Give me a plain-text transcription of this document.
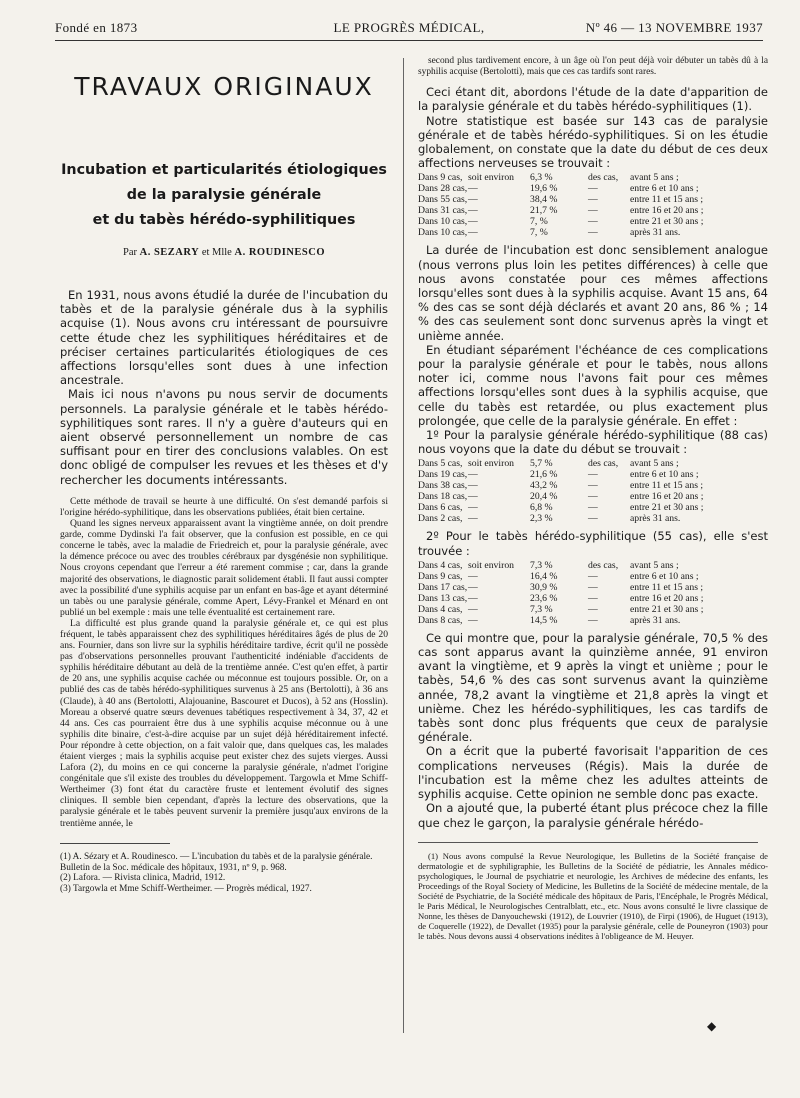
Fondé en 1873	LE PROGRÈS MÉDICAL,	Nº 46 — 13 NOVEMBRE 1937
TRAVAUX ORIGINAUX
Incubation et particularités étiologiques
de la paralysie générale
et du tabès hérédo-syphilitiques
Par A. SEZARY et Mlle A. ROUDINESCO

En 1931, nous avons étudié la durée de l'incubation du tabès et de la paralysie générale dus à la syphilis acquise (1). Nous avons cru intéressant de poursuivre cette étude chez les syphilitiques héréditaires et de préciser certaines particularités étiologiques de ces affections lorsqu'elles sont dues à une infection ancestrale.

Mais ici nous n'avons pu nous servir de documents personnels. La paralysie générale et le tabès hérédo-syphilitiques sont rares. Il n'y a guère d'auteurs qui en aient observé personnellement un nombre de cas suffisant pour en tirer des conclusions valables. On est donc obligé de compulser les revues et les thèses et d'y rechercher les documents intéressants.

Cette méthode de travail se heurte à une difficulté. On s'est demandé parfois si l'origine hérédo-syphilitique, dans les observations publiées, était bien certaine.

Quand les signes nerveux apparaissent avant la vingtième année, on doit prendre garde, comme Dydinski l'a fait observer, que la confusion est possible, en ce qui concerne le tabès, avec la maladie de Friedreich et, pour la paralysie générale, avec la démence précoce ou avec des troubles cérébraux par dysgénésie non syphilitique. Nous croyons cependant que l'erreur a été rarement commise ; car, dans la grande majorité des observations, le diagnostic parait solidement établi. Il faut aussi compter avec la possibilité d'une syphilis acquise par un enfant en bas-âge et ayant déterminé un tabès ou une paralysie générale, comme Apert, Lévy-Frankel et Ménard en ont publié un bel exemple : mais une telle éventualité est certainement rare.

La difficulté est plus grande quand la paralysie générale et, ce qui est plus fréquent, le tabès apparaissent chez des syphilitiques héréditaires âgés de plus de 20 ans. Fournier, dans son livre sur la syphilis héréditaire tardive, écrit qu'il ne possède pas d'observations personnelles prouvant l'authenticité indéniable d'accidents de syphilis héréditaire débutant au delà de la trentième année. C'est qu'en effet, à partir de 20 ans, une syphilis acquise cachée ou méconnue est toujours possible. Or, on a publié des cas de tabès hérédo-syphilitiques survenus à 25 ans (Bertolotti), à 36 ans (Claude), à 40 ans (Bertolotti, Alajouanine, Bascouret et Ducos), à 52 ans (Hosslin). Moreau a observé quatre sœurs devenues tabétiques respectivement à 34, 37, 42 et 44 ans. Ces cas pourraient être dus à une syphilis acquise méconnue ou à une syphilis dite binaire, c'est-à-dire acquise par un sujet déjà héréditairement infecté. Pour répondre à cette objection, on a fait valoir que, dans quelques cas, les malades étaient vierges ; mais la syphilis acquise peut exister chez des sujets vierges. Aussi Lafora (2), du moins en ce qui concerne la paralysie générale, n'admet l'origine congénitale que s'il existe des troubles du développement. Targowla et Mme Schiff-Wertheimer (3) font état du caractère fruste et lentement évolutif des signes cliniques. Il semble bien cependant, d'après la lecture des observations, que la paralysie générale et le tabès peuvent survenir la première jusqu'aux environs de la trentième année, le

(1) A. Sézary et A. Roudinesco. — L'incubation du tabès et de la paralysie générale. Bulletin de la Soc. médicale des hôpitaux, 1931, nº 9, p. 968.

(2) Lafora. — Rivista clinica, Madrid, 1912.

(3) Targowla et Mme Schiff-Wertheimer. — Progrès médical, 1927.

second plus tardivement encore, à un âge où l'on peut déjà voir débuter un tabès dû à la syphilis acquise (Bertolotti), mais que ces cas tardifs sont rares.

Ceci étant dit, abordons l'étude de la date d'apparition de la paralysie générale et du tabès hérédo-syphilitiques (1).

Notre statistique est basée sur 143 cas de paralysie générale et de tabès hérédo-syphilitiques. Si on les étudie globalement, on constate que la date du début de ces deux affections nerveuses se trouvait :

Dans 9 cas, soit environ	6,3 %	des cas,	avant 5 ans ;
Dans 28 cas, —	19,6 %	—	entre 6 et 10 ans ;
Dans 55 cas, —	38,4 %	—	entre 11 et 15 ans ;
Dans 31 cas, —	21,7 %	—	entre 16 et 20 ans ;
Dans 10 cas, —	7, %	—	entre 21 et 30 ans ;
Dans 10 cas, —	7, %	—	après 31 ans.

La durée de l'incubation est donc sensiblement analogue (nous verrons plus loin les petites différences) à celle que nous avons constatée pour ces mêmes affections lorsqu'elles sont dues à la syphilis acquise. Avant 15 ans, 64 % des cas se sont déjà déclarés et avant 20 ans, 86 % ; 14 % des cas seulement sont donc survenus après la vingt et unième année.

En étudiant séparément l'échéance de ces complications pour la paralysie générale et pour le tabès, nous allons noter ici, comme nous l'avons fait pour ces mêmes affections lorsqu'elles sont dues à la syphilis acquise, que celle du tabès est retardée, ou plus exactement plus prolongée, que celle de la paralysie générale. En effet :

1º Pour la paralysie générale hérédo-syphilitique (88 cas) nous voyons que la date du début se trouvait :

Dans 5 cas, soit environ	5,7 %	des cas,	avant 5 ans ;
Dans 19 cas, —	21,6 %	—	entre 6 et 10 ans ;
Dans 38 cas, —	43,2 %	—	entre 11 et 15 ans ;
Dans 18 cas, —	20,4 %	—	entre 16 et 20 ans ;
Dans 6 cas, —	6,8 %	—	entre 21 et 30 ans ;
Dans 2 cas, —	2,3 %	—	après 31 ans.

2º Pour le tabès hérédo-syphilitique (55 cas), elle s'est trouvée :

Dans 4 cas, soit environ	7,3 %	des cas,	avant 5 ans ;
Dans 9 cas, —	16,4 %	—	entre 6 et 10 ans ;
Dans 17 cas, —	30,9 %	—	entre 11 et 15 ans ;
Dans 13 cas, —	23,6 %	—	entre 16 et 20 ans ;
Dans 4 cas, —	7,3 %	—	entre 21 et 30 ans ;
Dans 8 cas, —	14,5 %	—	après 31 ans.

Ce qui montre que, pour la paralysie générale, 70,5 % des cas sont apparus avant la quinzième année, 91 environ avant la vingtième, et 9 après la vingt et unième ; pour le tabès, 54,6 % des cas sont survenus avant la quinzième année, 78,2 avant la vingtième et 21,8 après la vingt et unième. Chez les hérédo-syphilitiques, les cas tardifs de tabès sont donc plus fréquents que ceux de paralysie générale.

On a écrit que la puberté favorisait l'apparition de ces complications nerveuses (Régis). Mais la durée de l'incubation est la même chez les adultes atteints de syphilis acquise. Cette opinion ne semble donc pas exacte.

On a ajouté que, la puberté étant plus précoce chez la fille que chez le garçon, la paralysie générale hérédo-

(1) Nous avons compulsé la Revue Neurologique, les Bulletins de la Société française de dermatologie et de syphiligraphie, les Bulletins de la Société de pédiatrie, les Annales médico-psychologiques, le Journal de psychiatrie et neurologie, les Archives de médecine des enfants, les Proceedings of the Royal Society of Medicine, les Bulletins de la Société de médecine mentale, de la Société de Psychiatrie, de la Société médicale des hôpitaux de Paris, l'Encéphale, le Progrès Médical, le Paris Médical, le Neurologisches Centralblatt, etc., etc. Nous avons consulté le livre classique de Nonne, les thèses de Danyouchewski (1912), de Louvrier (1910), de Firpi (1906), de Huguet (1913), de Coquerelle (1922), de Devallet (1935) pour la paralysie générale, celle de Pouneyron (1903) pour le tabès. Nous devons aussi 4 observations inédites à l'obligeance de M. Heuyer.

◆
